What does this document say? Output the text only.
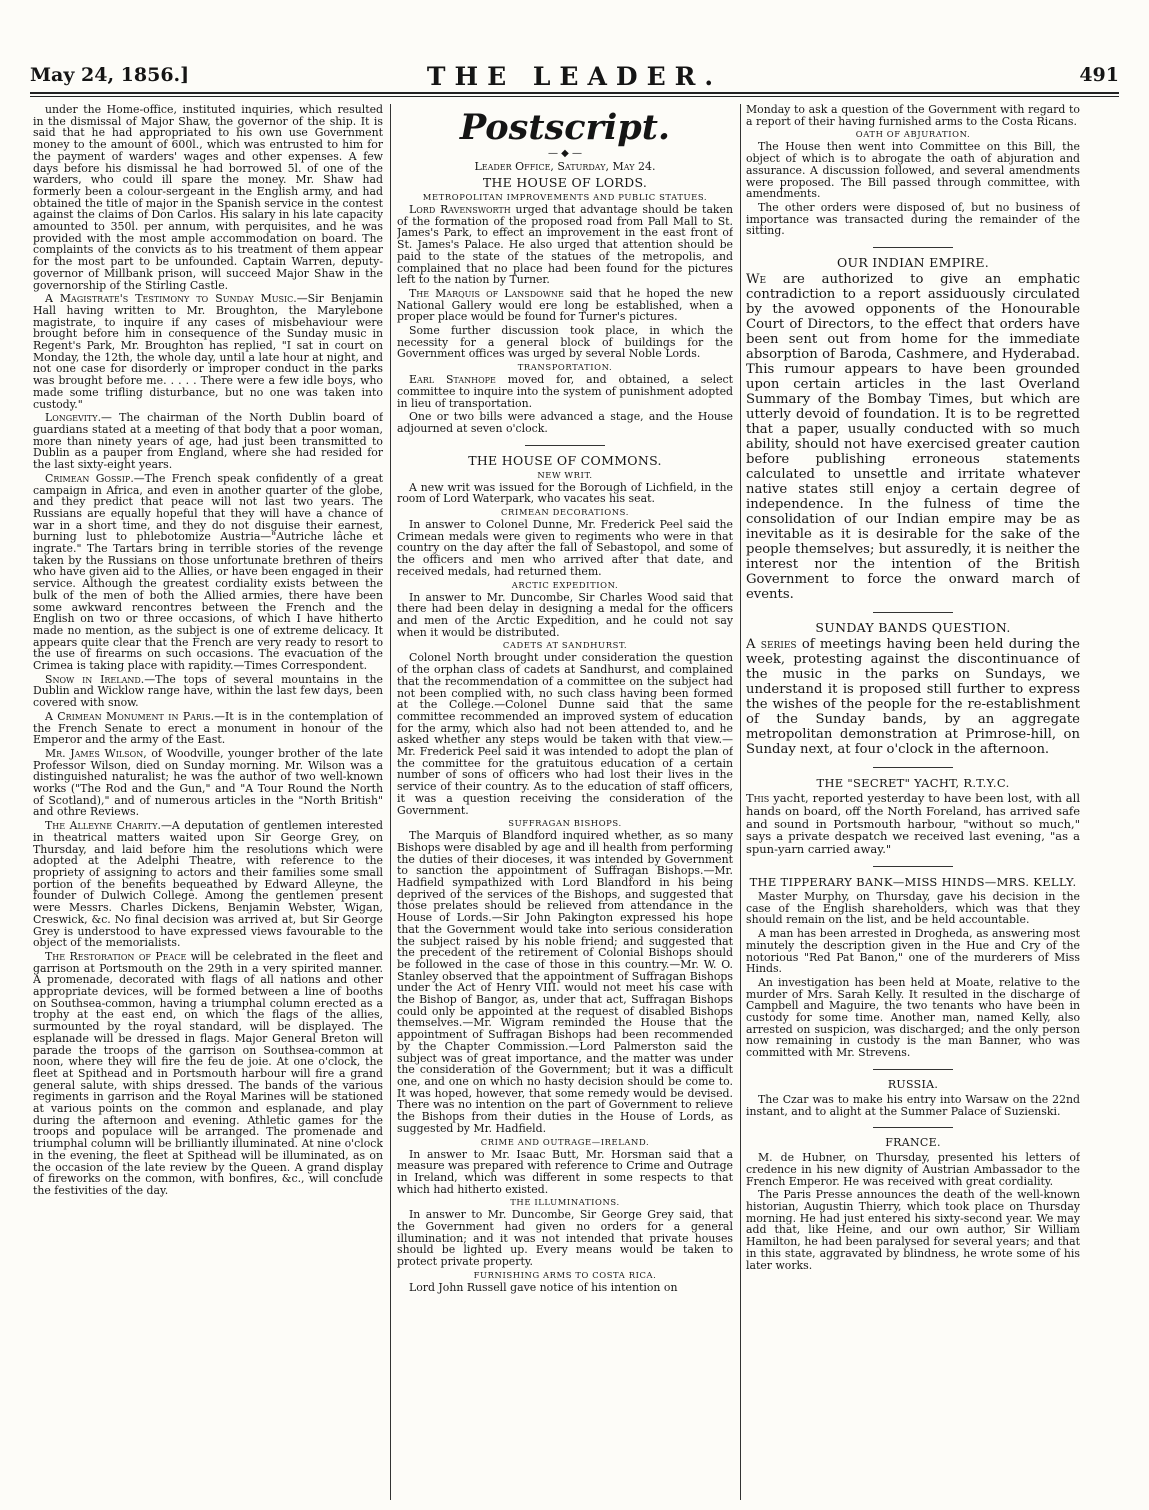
May 24, 1856.]	THE LEADER.	491

under the Home-office, instituted inquiries, which resulted in the dismissal of Major Shaw, the governor of the ship. It is said that he had appropriated to his own use Government money to the amount of 600l., which was entrusted to him for the payment of warders' wages and other expenses. A few days before his dismissal he had borrowed 5l. of one of the warders, who could ill spare the money. Mr. Shaw had formerly been a colour-sergeant in the English army, and had obtained the title of major in the Spanish service in the contest against the claims of Don Carlos. His salary in his late capacity amounted to 350l. per annum, with perquisites, and he was provided with the most ample accommodation on board. The complaints of the convicts as to his treatment of them appear for the most part to be unfounded. Captain Warren, deputy-governor of Millbank prison, will succeed Major Shaw in the governorship of the Stirling Castle.

A Magistrate's Testimony to Sunday Music.—Sir Benjamin Hall having written to Mr. Broughton, the Marylebone magistrate, to inquire if any cases of misbehaviour were brought before him in consequence of the Sunday music in Regent's Park, Mr. Broughton has replied, "I sat in court on Monday, the 12th, the whole day, until a late hour at night, and not one case for disorderly or improper conduct in the parks was brought before me. . . . . There were a few idle boys, who made some trifling disturbance, but no one was taken into custody."

Longevity.— The chairman of the North Dublin board of guardians stated at a meeting of that body that a poor woman, more than ninety years of age, had just been transmitted to Dublin as a pauper from England, where she had resided for the last sixty-eight years.

Crimean Gossip.—The French speak confidently of a great campaign in Africa, and even in another quarter of the globe, and they predict that peace will not last two years. The Russians are equally hopeful that they will have a chance of war in a short time, and they do not disguise their earnest, burning lust to phlebotomize Austria—"Autriche lâche et ingrate." The Tartars bring in terrible stories of the revenge taken by the Russians on those unfortunate brethren of theirs who have given aid to the Allies, or have been engaged in their service. Although the greatest cordiality exists between the bulk of the men of both the Allied armies, there have been some awkward rencontres between the French and the English on two or three occasions, of which I have hitherto made no mention, as the subject is one of extreme delicacy. It appears quite clear that the French are very ready to resort to the use of firearms on such occasions. The evacuation of the Crimea is taking place with rapidity.—Times Correspondent.

Snow in Ireland.—The tops of several mountains in the Dublin and Wicklow range have, within the last few days, been covered with snow.

A Crimean Monument in Paris.—It is in the contemplation of the French Senate to erect a monument in honour of the Emperor and the army of the East.

Mr. James Wilson, of Woodville, younger brother of the late Professor Wilson, died on Sunday morning. Mr. Wilson was a distinguished naturalist; he was the author of two well-known works ("The Rod and the Gun," and "A Tour Round the North of Scotland)," and of numerous articles in the "North British" and othre Reviews.

The Alleyne Charity.—A deputation of gentlemen interested in theatrical matters waited upon Sir George Grey, on Thursday, and laid before him the resolutions which were adopted at the Adelphi Theatre, with reference to the propriety of assigning to actors and their families some small portion of the benefits bequeathed by Edward Alleyne, the founder of Dulwich College. Among the gentlemen present were Messrs. Charles Dickens, Benjamin Webster, Wigan, Creswick, &c. No final decision was arrived at, but Sir George Grey is understood to have expressed views favourable to the object of the memorialists.

The Restoration of Peace will be celebrated in the fleet and garrison at Portsmouth on the 29th in a very spirited manner. A promenade, decorated with flags of all nations and other appropriate devices, will be formed between a line of booths on Southsea-common, having a triumphal column erected as a trophy at the east end, on which the flags of the allies, surmounted by the royal standard, will be displayed. The esplanade will be dressed in flags. Major General Breton will parade the troops of the garrison on Southsea-common at noon, where they will fire the feu de joie. At one o'clock, the fleet at Spithead and in Portsmouth harbour will fire a grand general salute, with ships dressed. The bands of the various regiments in garrison and the Royal Marines will be stationed at various points on the common and esplanade, and play during the afternoon and evening. Athletic games for the troops and populace will be arranged. The promenade and triumphal column will be brilliantly illuminated. At nine o'clock in the evening, the fleet at Spithead will be illuminated, as on the occasion of the late review by the Queen. A grand display of fireworks on the common, with bonfires, &c., will conclude the festivities of the day.

Postscript.
— ◆ —
Leader Office, Saturday, May 24.
THE HOUSE OF LORDS.
METROPOLITAN IMPROVEMENTS AND PUBLIC STATUES.

Lord Ravensworth urged that advantage should be taken of the formation of the proposed road from Pall Mall to St. James's Park, to effect an improvement in the east front of St. James's Palace. He also urged that attention should be paid to the state of the statues of the metropolis, and complained that no place had been found for the pictures left to the nation by Turner.

The Marquis of Lansdowne said that he hoped the new National Gallery would ere long be established, when a proper place would be found for Turner's pictures.

Some further discussion took place, in which the necessity for a general block of buildings for the Government offices was urged by several Noble Lords.

TRANSPORTATION.

Earl Stanhope moved for, and obtained, a select committee to inquire into the system of punishment adopted in lieu of transportation.

One or two bills were advanced a stage, and the House adjourned at seven o'clock.

THE HOUSE OF COMMONS.
NEW WRIT.

A new writ was issued for the Borough of Lichfield, in the room of Lord Waterpark, who vacates his seat.

CRIMEAN DECORATIONS.

In answer to Colonel Dunne, Mr. Frederick Peel said the Crimean medals were given to regiments who were in that country on the day after the fall of Sebastopol, and some of the officers and men who arrived after that date, and received medals, had returned them.

ARCTIC EXPEDITION.

In answer to Mr. Duncombe, Sir Charles Wood said that there had been delay in designing a medal for the officers and men of the Arctic Expedition, and he could not say when it would be distributed.

CADETS AT SANDHURST.

Colonel North brought under consideration the question of the orphan class of cadets at Sandhurst, and complained that the recommendation of a committee on the subject had not been complied with, no such class having been formed at the College.—Colonel Dunne said that the same committee recommended an improved system of education for the army, which also had not been attended to, and he asked whether any steps would be taken with that view.—Mr. Frederick Peel said it was intended to adopt the plan of the committee for the gratuitous education of a certain number of sons of officers who had lost their lives in the service of their country. As to the education of staff officers, it was a question receiving the consideration of the Government.

SUFFRAGAN BISHOPS.

The Marquis of Blandford inquired whether, as so many Bishops were disabled by age and ill health from performing the duties of their dioceses, it was intended by Government to sanction the appointment of Suffragan Bishops.—Mr. Hadfield sympathized with Lord Blandford in his being deprived of the services of the Bishops, and suggested that those prelates should be relieved from attendance in the House of Lords.—Sir John Pakington expressed his hope that the Government would take into serious consideration the subject raised by his noble friend; and suggested that the precedent of the retirement of Colonial Bishops should be followed in the case of those in this country.—Mr. W. O. Stanley observed that the appointment of Suffragan Bishops under the Act of Henry VIII. would not meet his case with the Bishop of Bangor, as, under that act, Suffragan Bishops could only be appointed at the request of disabled Bishops themselves.—Mr. Wigram reminded the House that the appointment of Suffragan Bishops had been recommended by the Chapter Commission.—Lord Palmerston said the subject was of great importance, and the matter was under the consideration of the Government; but it was a difficult one, and one on which no hasty decision should be come to. It was hoped, however, that some remedy would be devised. There was no intention on the part of Government to relieve the Bishops from their duties in the House of Lords, as suggested by Mr. Hadfield.

CRIME AND OUTRAGE—IRELAND.

In answer to Mr. Isaac Butt, Mr. Horsman said that a measure was prepared with reference to Crime and Outrage in Ireland, which was different in some respects to that which had hitherto existed.

THE ILLUMINATIONS.

In answer to Mr. Duncombe, Sir George Grey said, that the Government had given no orders for a general illumination; and it was not intended that private houses should be lighted up. Every means would be taken to protect private property.

FURNISHING ARMS TO COSTA RICA.

Lord John Russell gave notice of his intention on

Monday to ask a question of the Government with regard to a report of their having furnished arms to the Costa Ricans.

OATH OF ABJURATION.

The House then went into Committee on this Bill, the object of which is to abrogate the oath of abjuration and assurance. A discussion followed, and several amendments were proposed. The Bill passed through committee, with amendments.

The other orders were disposed of, but no business of importance was transacted during the remainder of the sitting.

OUR INDIAN EMPIRE.

We are authorized to give an emphatic contradiction to a report assiduously circulated by the avowed opponents of the Honourable Court of Directors, to the effect that orders have been sent out from home for the immediate absorption of Baroda, Cashmere, and Hyderabad. This rumour appears to have been grounded upon certain articles in the last Overland Summary of the Bombay Times, but which are utterly devoid of foundation. It is to be regretted that a paper, usually conducted with so much ability, should not have exercised greater caution before publishing erroneous statements calculated to unsettle and irritate whatever native states still enjoy a certain degree of independence. In the fulness of time the consolidation of our Indian empire may be as inevitable as it is desirable for the sake of the people themselves; but assuredly, it is neither the interest nor the intention of the British Government to force the onward march of events.

SUNDAY BANDS QUESTION.

A series of meetings having been held during the week, protesting against the discontinuance of the music in the parks on Sundays, we understand it is proposed still further to express the wishes of the people for the re-establishment of the Sunday bands, by an aggregate metropolitan demonstration at Primrose-hill, on Sunday next, at four o'clock in the afternoon.

THE "SECRET" YACHT, R.T.Y.C.

This yacht, reported yesterday to have been lost, with all hands on board, off the North Foreland, has arrived safe and sound in Portsmouth harbour, "without so much," says a private despatch we received last evening, "as a spun-yarn carried away."

THE TIPPERARY BANK—MISS HINDS—MRS. KELLY.

Master Murphy, on Thursday, gave his decision in the case of the English shareholders, which was that they should remain on the list, and be held accountable.

A man has been arrested in Drogheda, as answering most minutely the description given in the Hue and Cry of the notorious "Red Pat Banon," one of the murderers of Miss Hinds.

An investigation has been held at Moate, relative to the murder of Mrs. Sarah Kelly. It resulted in the discharge of Campbell and Maguire, the two tenants who have been in custody for some time. Another man, named Kelly, also arrested on suspicion, was discharged; and the only person now remaining in custody is the man Banner, who was committed with Mr. Strevens.

RUSSIA.

The Czar was to make his entry into Warsaw on the 22nd instant, and to alight at the Summer Palace of Suzienski.

FRANCE.

M. de Hubner, on Thursday, presented his letters of credence in his new dignity of Austrian Ambassador to the French Emperor. He was received with great cordiality.

The Paris Presse announces the death of the well-known historian, Augustin Thierry, which took place on Thursday morning. He had just entered his sixty-second year. We may add that, like Heine, and our own author, Sir William Hamilton, he had been paralysed for several years; and that in this state, aggravated by blindness, he wrote some of his later works.
